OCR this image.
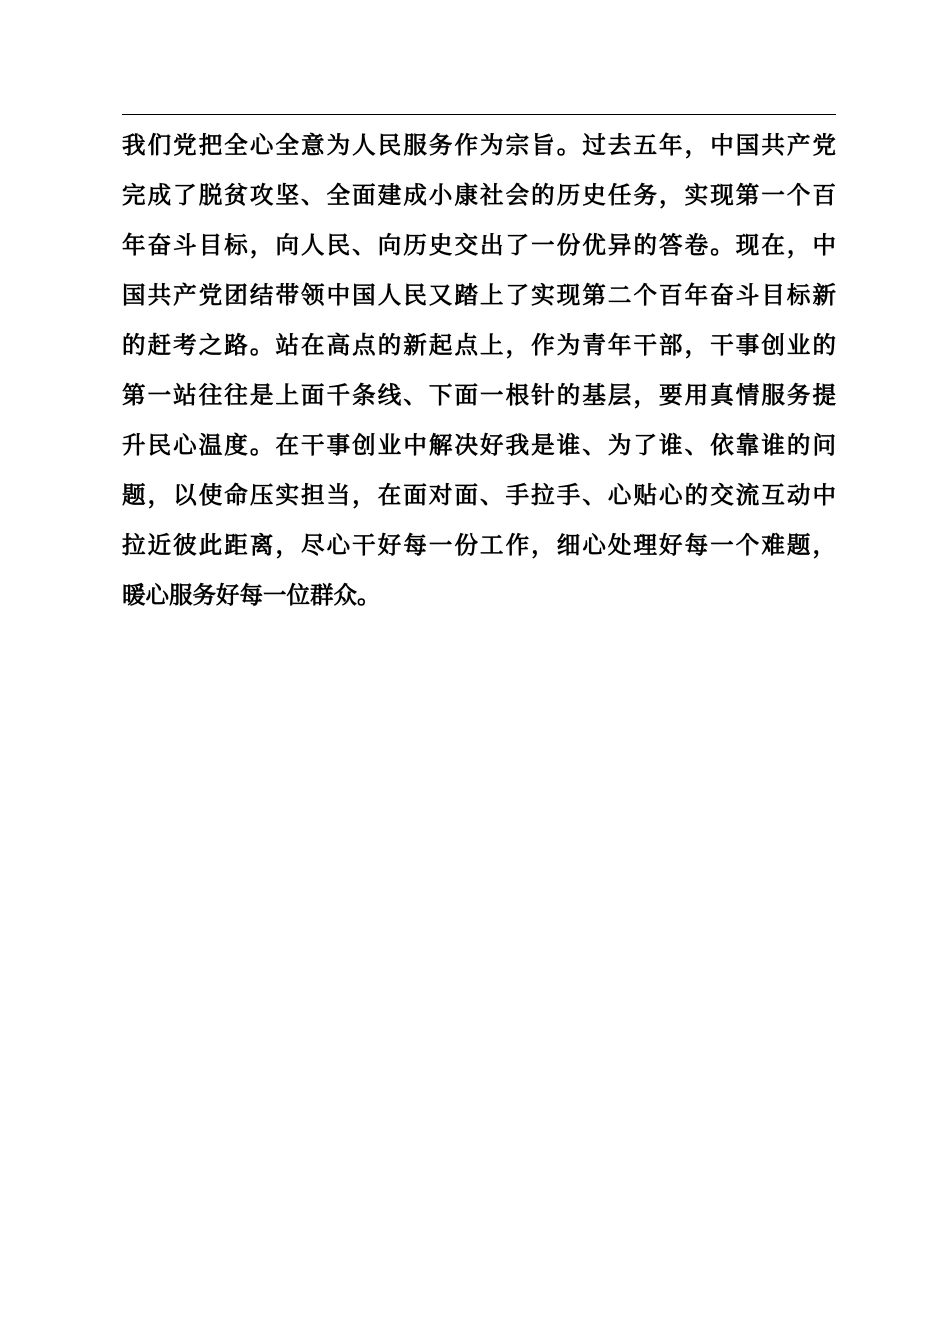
我们党把全心全意为人民服务作为宗旨。过去五年，中国共产党
完成了脱贫攻坚、全面建成小康社会的历史任务，实现第一个百
年奋斗目标，向人民、向历史交出了一份优异的答卷。现在，中
国共产党团结带领中国人民又踏上了实现第二个百年奋斗目标新
的赶考之路。站在高点的新起点上，作为青年干部，干事创业的
第一站往往是上面千条线、下面一根针的基层，要用真情服务提
升民心温度。在干事创业中解决好我是谁、为了谁、依靠谁的问
题，以使命压实担当，在面对面、手拉手、心贴心的交流互动中
拉近彼此距离，尽心干好每一份工作，细心处理好每一个难题，
暖心服务好每一位群众。
